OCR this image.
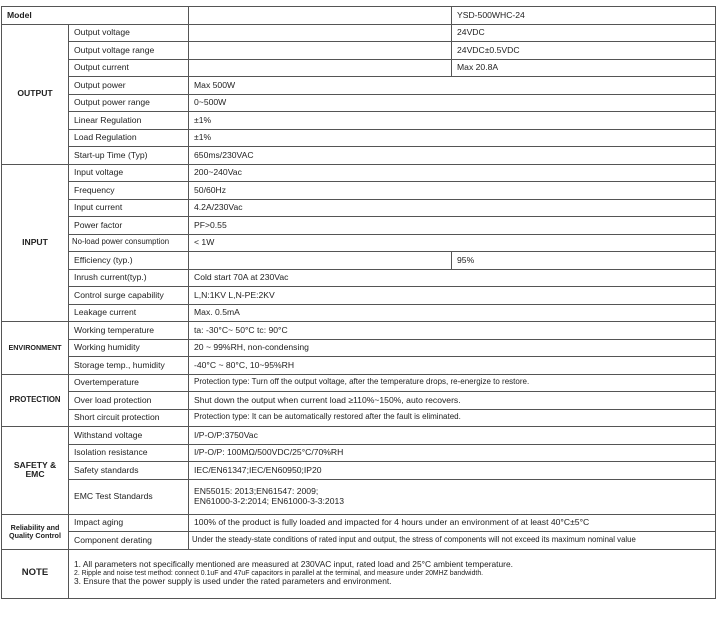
Model			YSD-500WHC-24
OUTPUT	Output voltage		24VDC
	Output voltage range		24VDC±0.5VDC
	Output current		Max 20.8A
	Output power	Max 500W	
	Output power range	0~500W	
	Linear Regulation	±1%	
	Load Regulation	±1%	
	Start-up Time (Typ)	650ms/230VAC	
INPUT	Input voltage	200~240Vac	
	Frequency	50/60Hz	
	Input current	4.2A/230Vac	
	Power factor	PF>0.55	
	No-load power consumption	< 1W	
	Efficiency (typ.)		95%
	Inrush current(typ.)	Cold start 70A at 230Vac	
	Control surge capability	L,N:1KV L,N-PE:2KV	
	Leakage current	Max. 0.5mA	
ENVIRONMENT	Working temperature	ta: -30°C~ 50°C tc: 90°C	
	Working humidity	20 ~ 99%RH, non-condensing	
	Storage temp., humidity	-40°C ~ 80°C, 10~95%RH	
PROTECTION	Overtemperature	Protection type: Turn off the output voltage, after the temperature drops, re-energize to restore.	
	Over load protection	Shut down the output when current load ≥110%~150%, auto recovers.	
	Short circuit protection	Protection type: It can be automatically restored after the fault is eliminated.	

SAFETY &
EMC	Withstand voltage	I/P-O/P:3750Vac	
	Isolation resistance	I/P-O/P: 100MΩ/500VDC/25°C/70%RH	
	Safety standards	IEC/EN61347;IEC/EN60950;IP20	
	EMC Test Standards	EN55015: 2013;EN61547: 2009;
EN61000-3-2:2014; EN61000-3-3:2013	

Reliability and
Quality Control	Impact aging	100% of the product is fully loaded and impacted for 4 hours under an environment of at least 40°C±5°C	
	Component derating	Under the steady-state conditions of rated input and output, the stress of components will not exceed its maximum nominal value	
NOTE	1. All parameters not specifically mentioned are measured at 230VAC input, rated load and 25°C ambient temperature.
2. Ripple and noise test method: connect 0.1uF and 47uF capacitors in parallel at the terminal, and measure under 20MHZ bandwidth.
3. Ensure that the power supply is used under the rated parameters and environment.		
